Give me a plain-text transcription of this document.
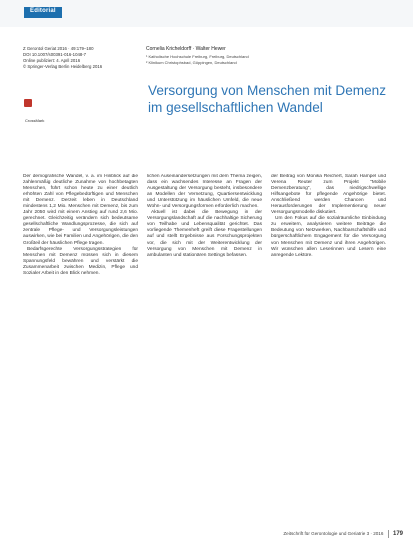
Editorial
Z Gerontol Geriat 2016 · 49:179–180
DOI 10.1007/s00391-016-1048-7
Online publiziert: 4. April 2016
© Springer-Verlag Berlin Heidelberg 2016
Cornelia Kricheldorff · Walter Hewer
¹ Katholische Hochschule Freiburg, Freiburg, Deutschland
² Klinikum Christophsbad, Göppingen, Deutschland
CrossMark
Versorgung von Menschen mit Demenz im gesellschaftlichen Wandel

Der demografische Wandel, v. a. im Hinblick auf die zahlenmäßig deutliche Zunahme von hochbetagten Menschen, führt schon heute zu einer deutlich erhöhten Zahl von Pflegebedürftigen und Menschen mit Demenz. Derzeit leben in Deutschland mindestens 1,2 Mio. Menschen mit Demenz, bis zum Jahr 2050 wird mit einem Anstieg auf rund 2,6 Mio. gerechnet. Gleichzeitig verändern sich bedeutsame gesellschaftliche Wandlungsprozesse, die sich auf zentrale Pflege- und Versorgungsleistungen auswirken, wie bei Familien und Angehörigen, die den Großteil der häuslichen Pflege tragen.

Bedarfsgerechte Versorgungsstrategien für Menschen mit Demenz müssen sich in diesem Spannungsfeld bewähren und verstärkt die Zusammenarbeit zwischen Medizin, Pflege und Sozialer Arbeit in den Blick nehmen.

lichen Auseinandersetzungen mit dem Thema zeigen, dass ein wachsendes Interesse an Fragen der Ausgestaltung der Versorgung besteht, insbesondere an Modellen der Vernetzung, Quartiersentwicklung und Unterstützung im häuslichen Umfeld, die neue Wohn- und Versorgungsformen erforderlich machen.

Aktuell ist dabei die Bewegung in der Versorgungslandschaft auf die nachhaltige Sicherung von Teilhabe und Lebensqualität gerichtet. Das vorliegende Themenheft greift diese Fragestellungen auf und stellt Ergebnisse aus Forschungsprojekten vor, die sich mit der Weiterentwicklung der Versorgung von Menschen mit Demenz in ambulanten und stationären Settings befassen.

der Beitrag von Monika Reichert, Sarah Hampel und Verena Reuter zum Projekt "Mobile Demenzberatung", das niedrigschwellige Hilfsangebote für pflegende Angehörige bietet. Anschließend werden Chancen und Herausforderungen der Implementierung neuer Versorgungsmodelle diskutiert.

Um den Fokus auf die sozialräumliche Einbindung zu erweitern, analysieren weitere Beiträge die Bedeutung von Netzwerken, Nachbarschaftshilfe und bürgerschaftlichem Engagement für die Versorgung von Menschen mit Demenz und ihren Angehörigen. Wir wünschen allen Leserinnen und Lesern eine anregende Lektüre.

Zeitschrift für Gerontologie und Geriatrie 3 · 2016 179
